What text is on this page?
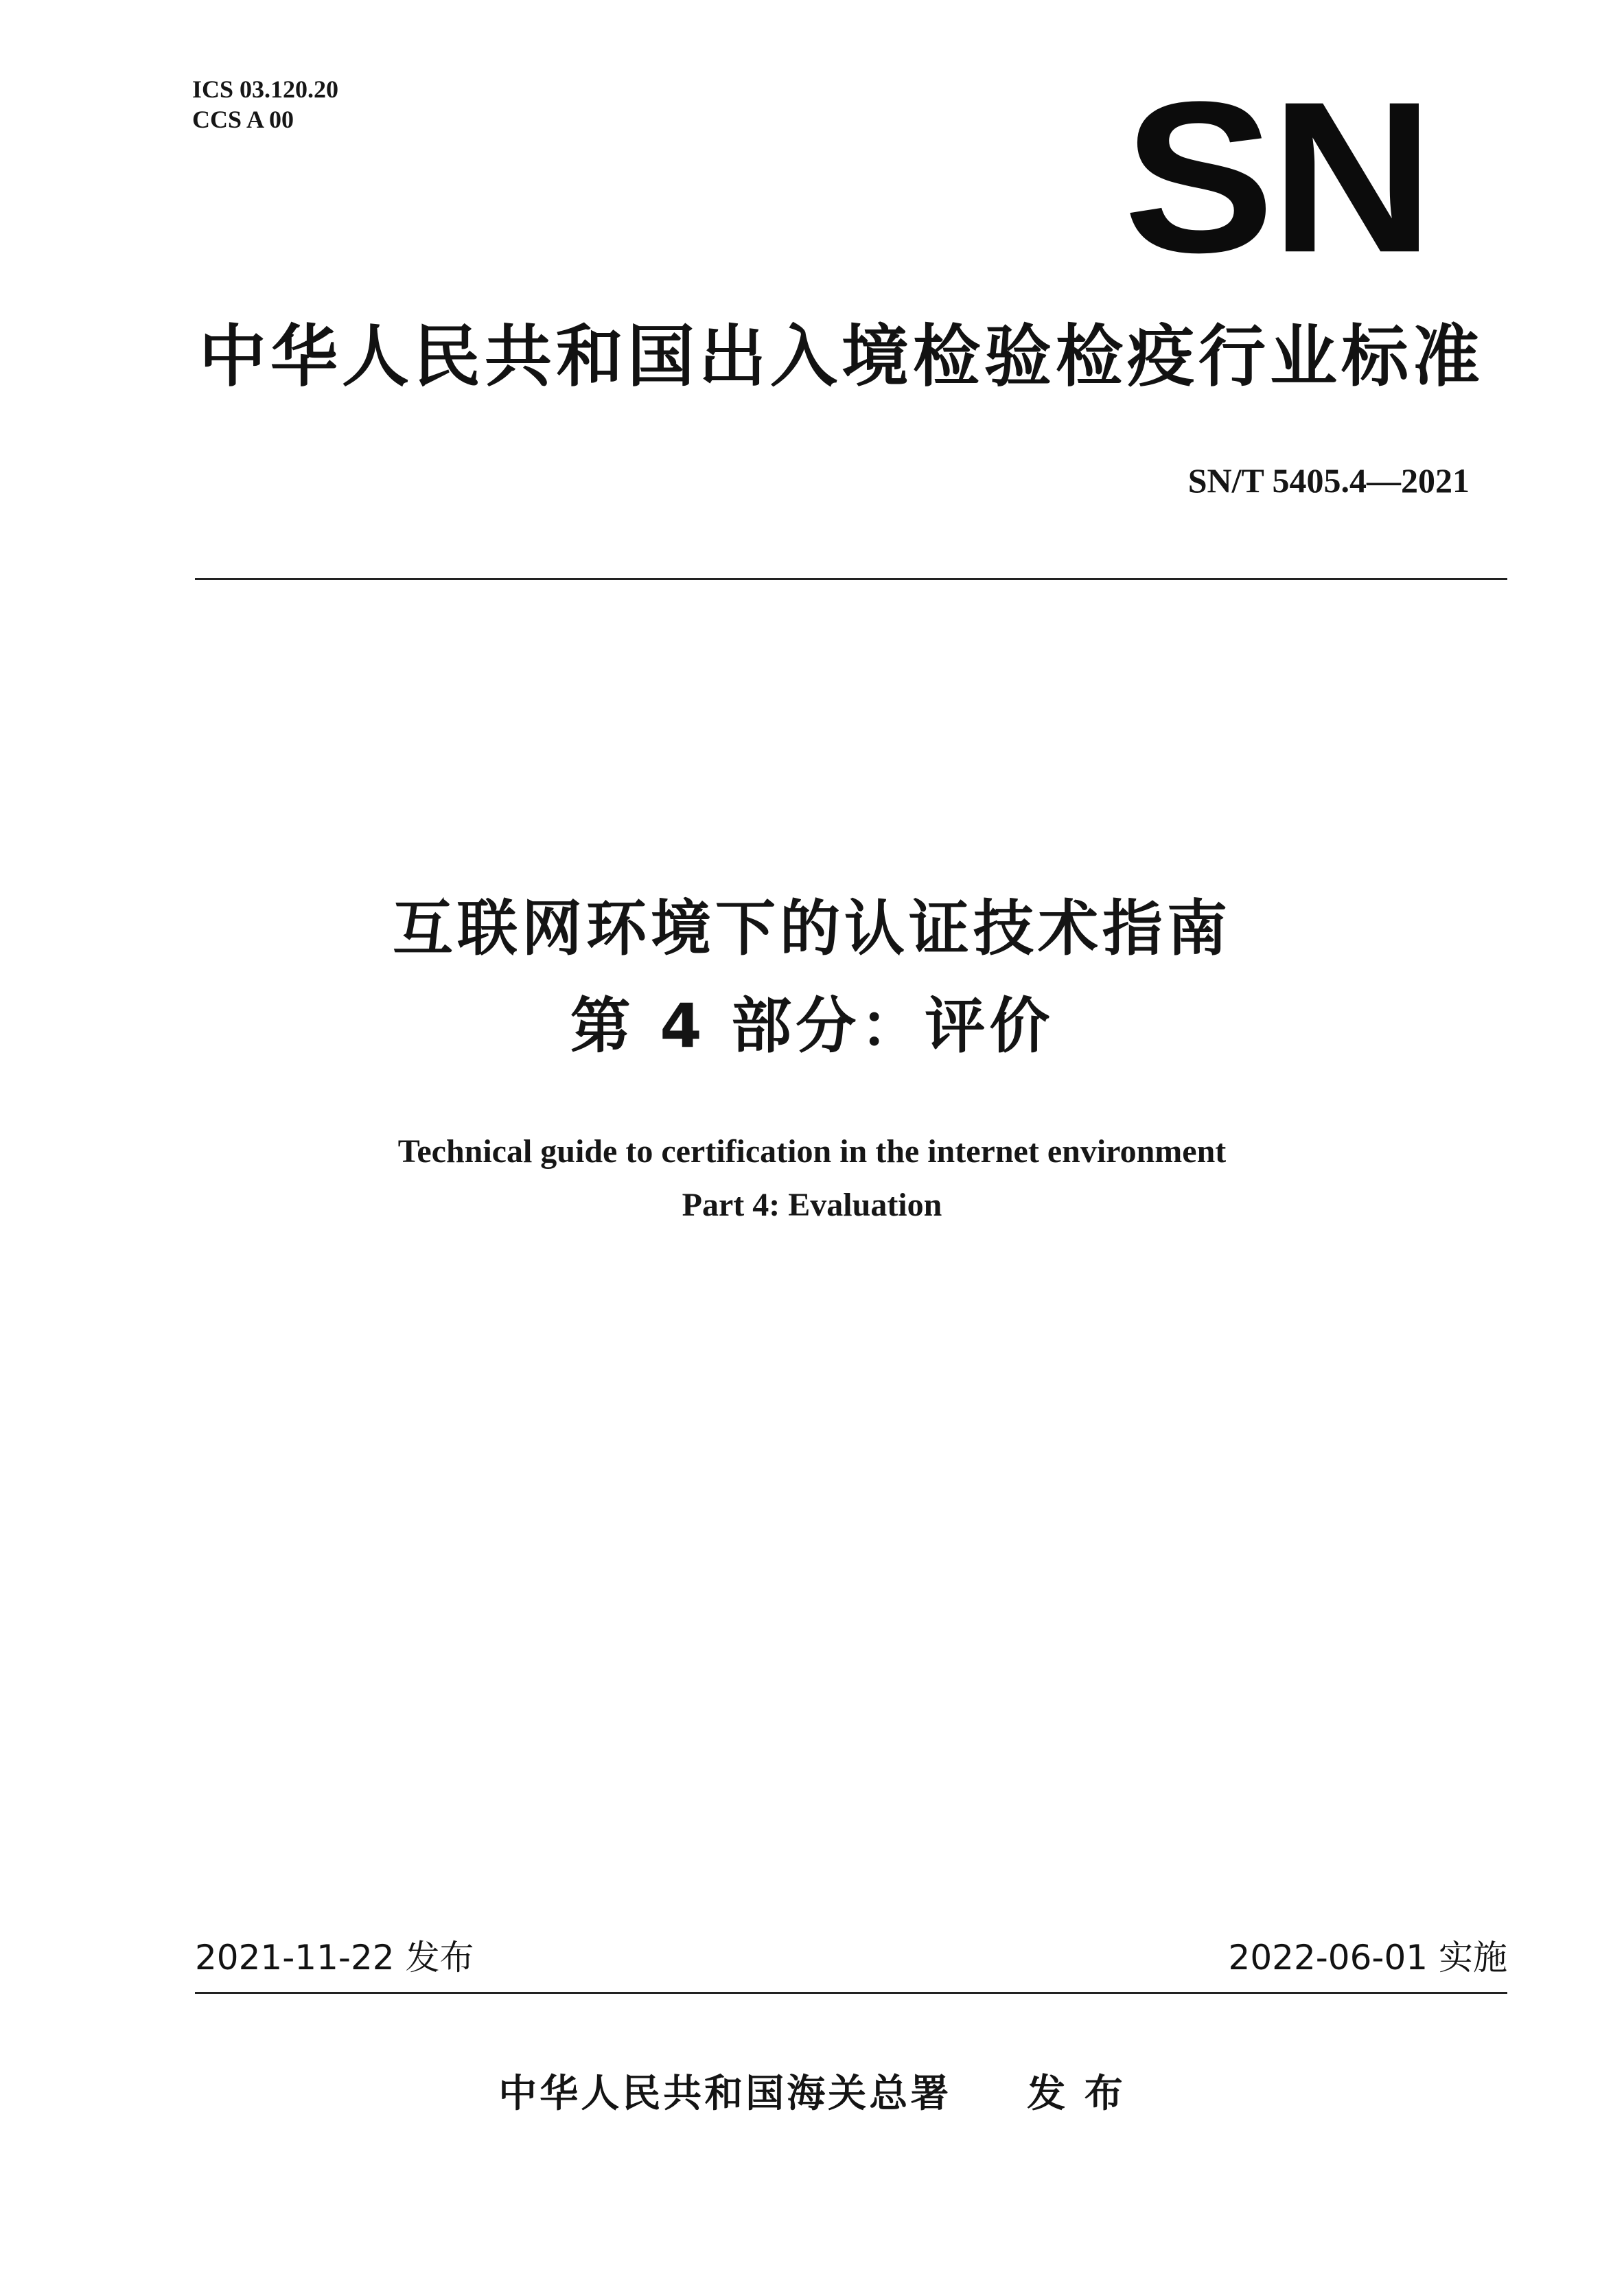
ICS 03.120.20
CCS A 00	SN
中华人民共和国出入境检验检疫行业标准
SN/T 5405.4—2021
互联网环境下的认证技术指南
第 4 部分：评价
Technical guide to certification in the internet environment
Part 4: Evaluation
2021-11-22 发布	2022-06-01 实施
中华人民共和国海关总署 发 布
